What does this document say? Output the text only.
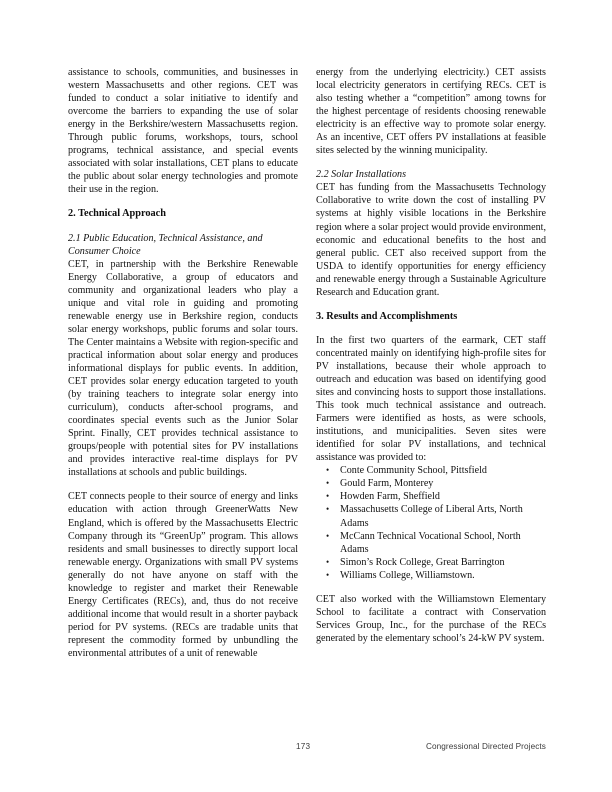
assistance to schools, communities, and businesses in western Massachusetts and other regions. CET was funded to conduct a solar initiative to identify and overcome the barriers to expanding the use of solar energy in the Berkshire/western Massachusetts region. Through public forums, workshops, tours, school programs, technical assistance, and special events associated with solar installations, CET plans to educate the public about solar energy technologies and promote their use in the region.

2. Technical Approach
2.1 Public Education, Technical Assistance, and Consumer Choice

CET, in partnership with the Berkshire Renewable Energy Collaborative, a group of educators and community and organizational leaders who play a unique and vital role in guiding and promoting renewable energy use in Berkshire region, conducts solar energy workshops, public forums and solar tours. The Center maintains a Website with region-specific and practical information about solar energy and produces informational displays for public events. In addition, CET provides solar energy education targeted to youth (by training teachers to integrate solar energy into curriculum), conducts after-school programs, and coordinates special events such as the Junior Solar Sprint. Finally, CET provides technical assistance to groups/people with potential sites for PV installations and provides interactive real-time displays for PV installations at schools and public buildings.

CET connects people to their source of energy and links education with action through GreenerWatts New England, which is offered by the Massachusetts Electric Company through its “GreenUp” program. This allows residents and small businesses to directly support local renewable energy. Organizations with small PV systems generally do not have anyone on staff with the knowledge to register and market their Renewable Energy Certificates (RECs), and, thus do not receive additional income that would result in a shorter payback period for PV systems. (RECs are tradable units that represent the commodity formed by unbundling the environmental attributes of a unit of renewable

energy from the underlying electricity.) CET assists local electricity generators in certifying RECs. CET is also testing whether a “competition” among towns for the highest percentage of residents choosing renewable electricity is an effective way to promote solar energy. As an incentive, CET offers PV installations at feasible sites selected by the winning municipality.

2.2 Solar Installations

CET has funding from the Massachusetts Technology Collaborative to write down the cost of installing PV systems at highly visible locations in the Berkshire region where a solar project would provide environment, economic and educational benefits to the host and general public. CET also received support from the USDA to identify opportunities for energy efficiency and renewable energy through a Sustainable Agriculture Research and Education grant.

3. Results and Accomplishments

In the first two quarters of the earmark, CET staff concentrated mainly on identifying high-profile sites for PV installations, because their whole approach to outreach and education was based on identifying good sites and convincing hosts to support those installations. This took much technical assistance and outreach. Farmers were identified as hosts, as were schools, institutions, and municipalities. Seven sites were identified for solar PV installations, and technical assistance was provided to:

• Conte Community School, Pittsfield
• Gould Farm, Monterey
• Howden Farm, Sheffield
• Massachusetts College of Liberal Arts, North Adams
• McCann Technical Vocational School, North Adams
• Simon’s Rock College, Great Barrington
• Williams College, Williamstown.

CET also worked with the Williamstown Elementary School to facilitate a contract with Conservation Services Group, Inc., for the purchase of the RECs generated by the elementary school’s 24-kW PV system.

173	Congressional Directed Projects
